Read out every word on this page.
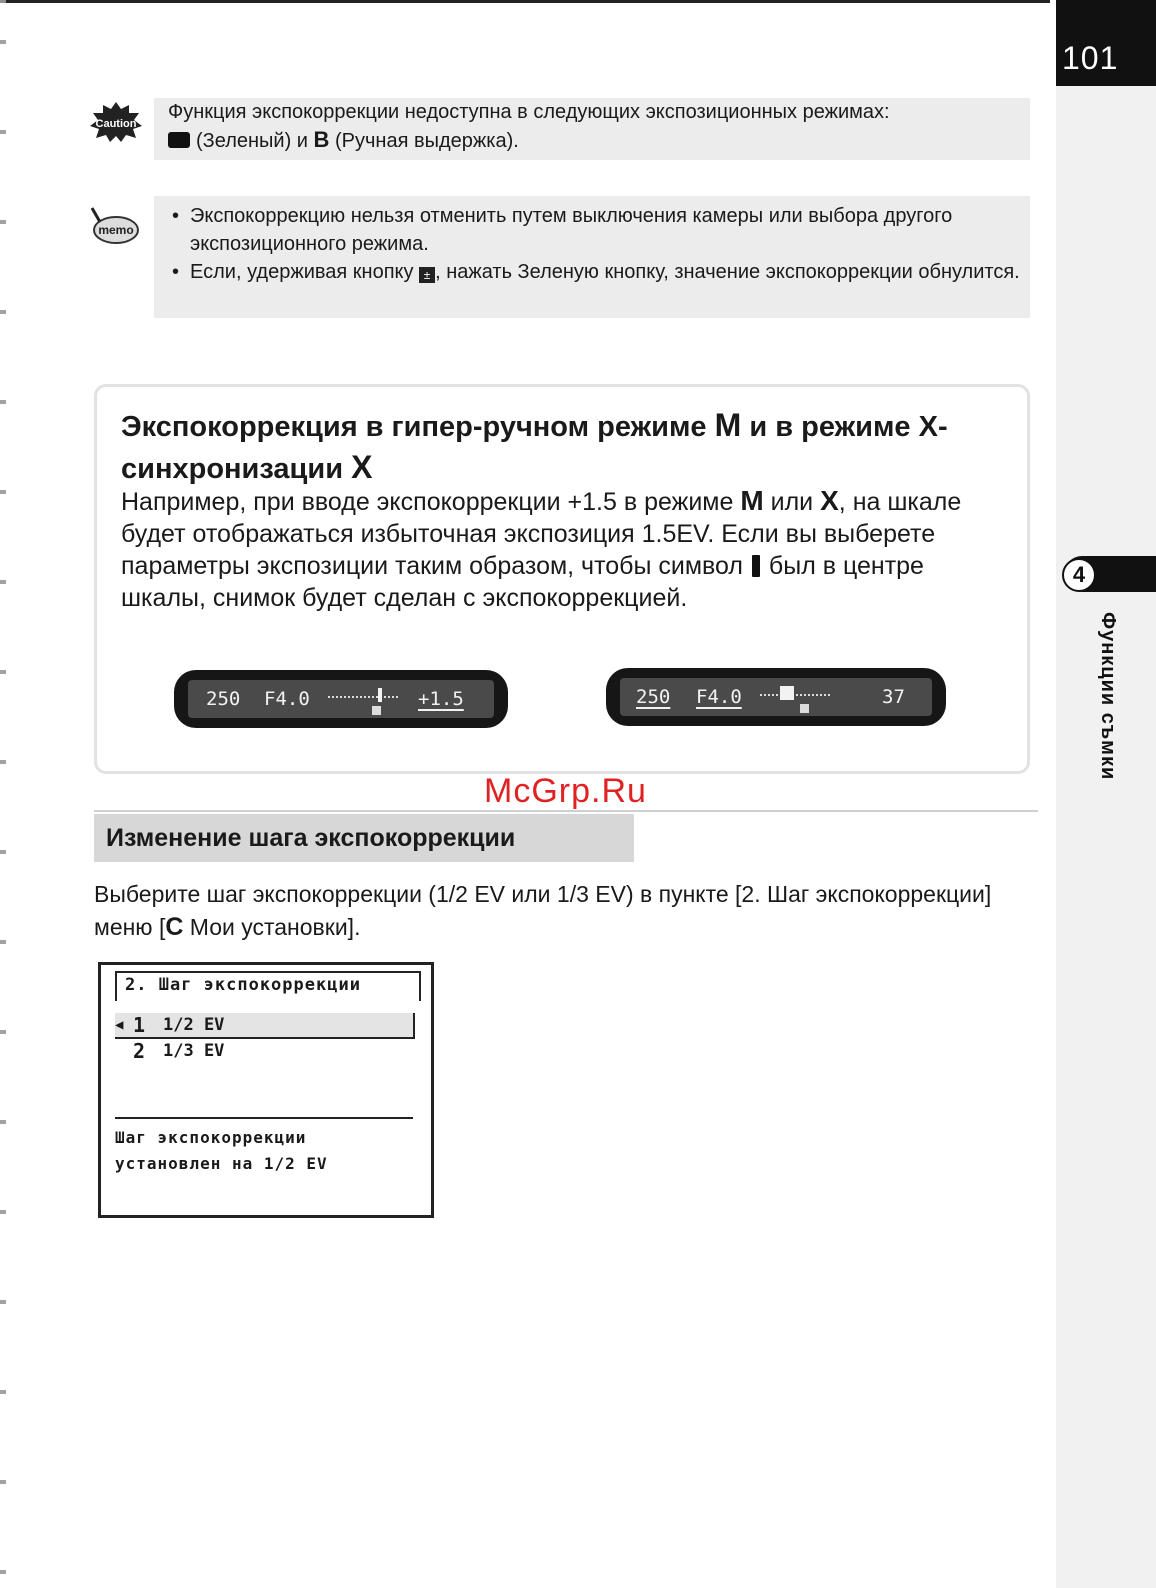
101
4
Функции съмки
Caution
Функция экспокоррекции недоступна в следующих экспозиционных режимах:
(Зеленый) и B (Ручная выдержка).
memo
• Экспокоррекцию нельзя отменить путем выключения камеры или выбора другого экспозиционного режима.
• Если, удерживая кнопку ± , нажать Зеленую кнопку, значение экспокоррекции обнулится.
Экспокоррекция в гипер-ручном режиме M и в режиме X-синхронизации X
Например, при вводе экспокоррекции +1.5 в режиме M или X, на шкале будет отображаться избыточная экспозиция 1.5EV. Если вы выберете параметры экспозиции таким образом, чтобы символ был в центре шкалы, снимок будет сделан с экспокоррекцией.
250 F4.0	+1.5	250 F4.0	37
McGrp.Ru
Изменение шага экспокоррекции
Выберите шаг экспокоррекции (1/2 EV или 1/3 EV) в пункте [2. Шаг экспокоррекции] меню [C Мои установки].
2. Шаг экспокоррекции
◀ 1 1/2 EV
2 1/3 EV
Шаг экспокоррекции
установлен на 1/2 EV
